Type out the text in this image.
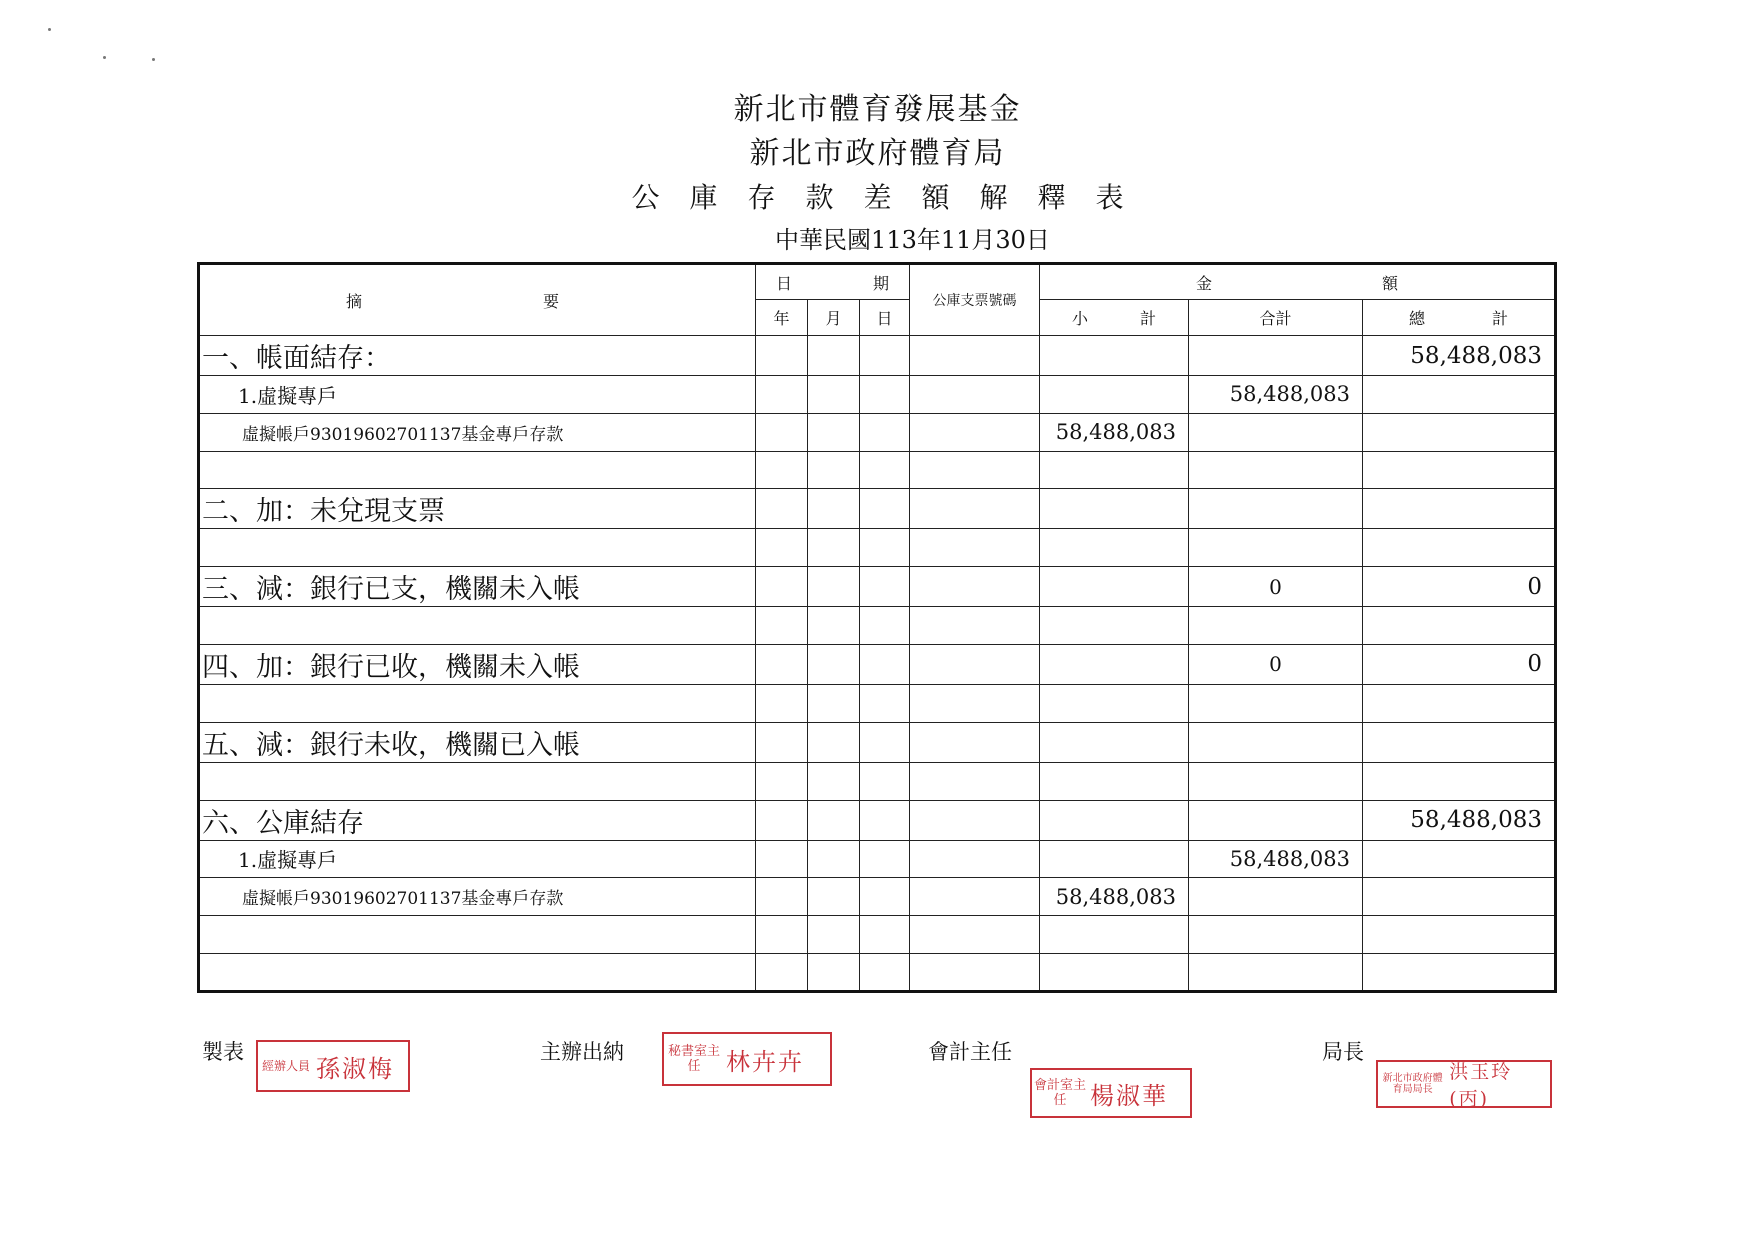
新北市體育發展基金
新北市政府體育局
公庫存款差額解釋表
中華民國113年11月30日
摘 要	日 期			公庫支票號碼	金 額		

	年	月	日		小 計	合計	總 計

一、帳面結存：							58,488,083
1.虛擬專戶						58,488,083	
虛擬帳戶93019602701137基金專戶存款					58,488,083		

二、加：未兌現支票							

三、減：銀行已支，機關未入帳						0	0

四、加：銀行已收，機關未入帳						0	0

五、減：銀行未收，機關已入帳							

六、公庫結存							58,488,083
1.虛擬專戶						58,488,083	
虛擬帳戶93019602701137基金專戶存款					58,488,083		

製表
經辦人員 孫淑梅
主辦出納	秘書室主任	林卉卉	會計主任
會計室主任 楊淑華
局長
新北市政府體育局局長
洪玉玲(丙)
